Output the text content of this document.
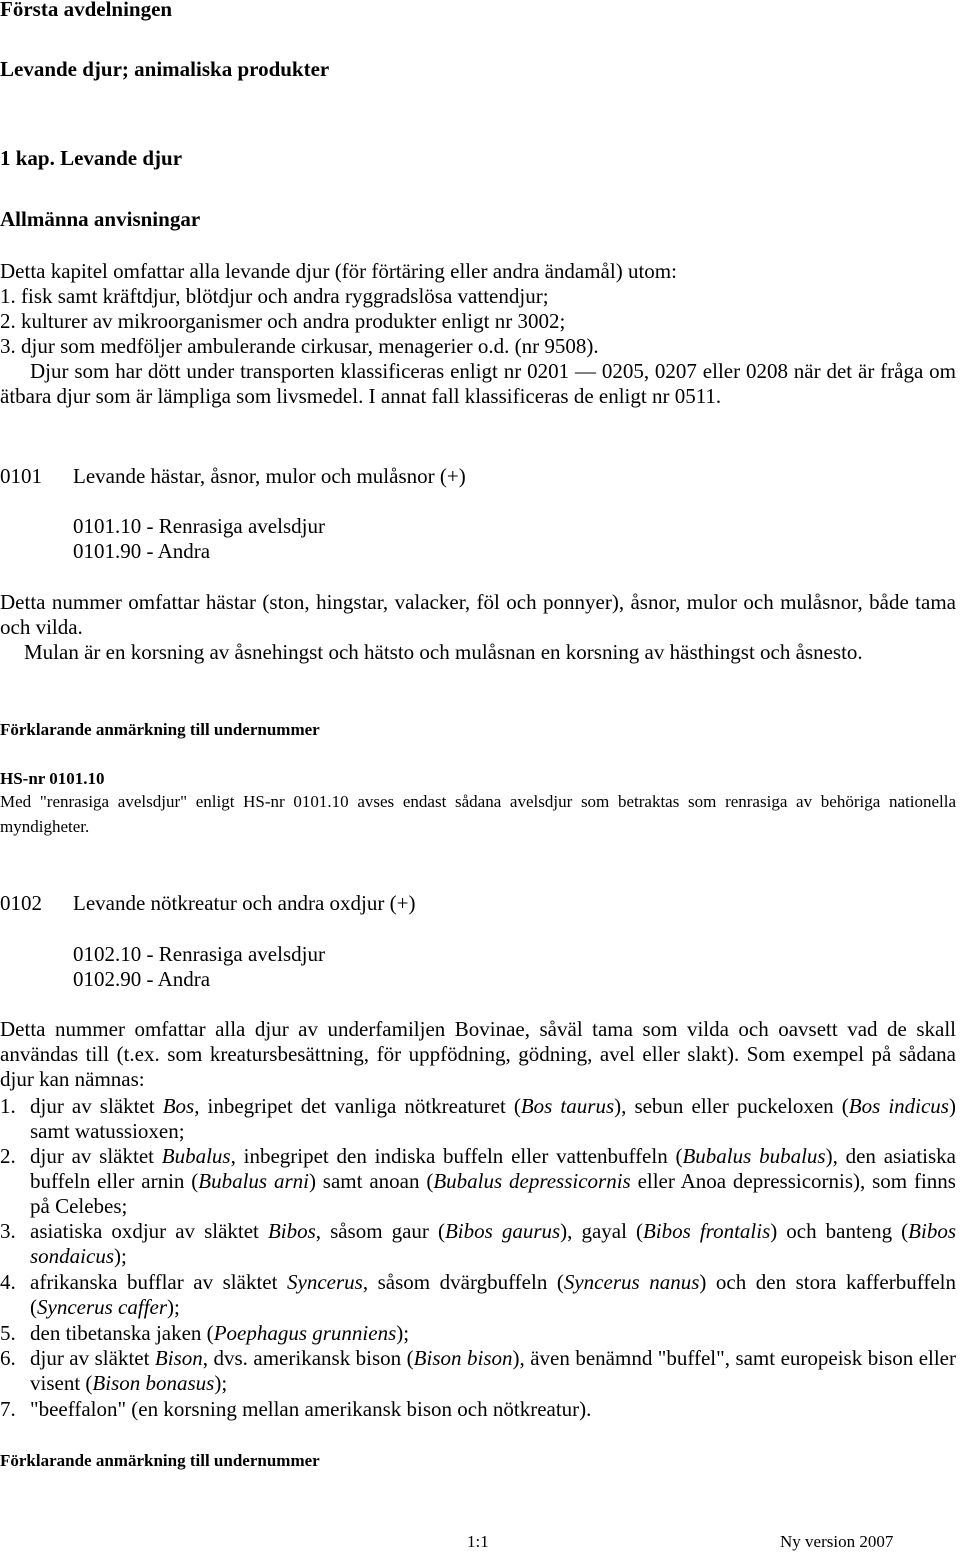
Första avdelningen
Levande djur; animaliska produkter
1 kap. Levande djur
Allmänna anvisningar
Detta kapitel omfattar alla levande djur (för förtäring eller andra ändamål) utom:
1. fisk samt kräftdjur, blötdjur och andra ryggradslösa vattendjur;
2. kulturer av mikroorganismer och andra produkter enligt nr 3002;
3. djur som medföljer ambulerande cirkusar, menagerier o.d. (nr 9508).
Djur som har dött under transporten klassificeras enligt nr 0201 — 0205, 0207 eller 0208 när det är fråga om ätbara djur som är lämpliga som livsmedel. I annat fall klassificeras de enligt nr 0511.
0101 Levande hästar, åsnor, mulor och mulåsnor (+)
0101.10 - Renrasiga avelsdjur
0101.90 - Andra
Detta nummer omfattar hästar (ston, hingstar, valacker, föl och ponnyer), åsnor, mulor och mulåsnor, både tama och vilda.
Mulan är en korsning av åsnehingst och hätsto och mulåsnan en korsning av hästhingst och åsnesto.
Förklarande anmärkning till undernummer
HS-nr 0101.10
Med "renrasiga avelsdjur" enligt HS-nr 0101.10 avses endast sådana avelsdjur som betraktas som renrasiga av behöriga nationella myndigheter.
0102 Levande nötkreatur och andra oxdjur (+)
0102.10 - Renrasiga avelsdjur
0102.90 - Andra
Detta nummer omfattar alla djur av underfamiljen Bovinae, såväl tama som vilda och oavsett vad de skall användas till (t.ex. som kreatursbesättning, för uppfödning, gödning, avel eller slakt). Som exempel på sådana djur kan nämnas:
1. djur av släktet Bos, inbegripet det vanliga nötkreaturet (Bos taurus), sebun eller puckeloxen (Bos indicus) samt watussioxen;
2. djur av släktet Bubalus, inbegripet den indiska buffeln eller vattenbuffeln (Bubalus bubalus), den asiatiska buffeln eller arnin (Bubalus arni) samt anoan (Bubalus depressicornis eller Anoa depressicornis), som finns på Celebes;
3. asiatiska oxdjur av släktet Bibos, såsom gaur (Bibos gaurus), gayal (Bibos frontalis) och banteng (Bibos sondaicus);
4. afrikanska bufflar av släktet Syncerus, såsom dvärgbuffeln (Syncerus nanus) och den stora kafferbuffeln (Syncerus caffer);
5. den tibetanska jaken (Poephagus grunniens);
6. djur av släktet Bison, dvs. amerikansk bison (Bison bison), även benämnd "buffel", samt europeisk bison eller visent (Bison bonasus);
7. "beeffalon" (en korsning mellan amerikansk bison och nötkreatur).
Förklarande anmärkning till undernummer
1:1	Ny version 2007
